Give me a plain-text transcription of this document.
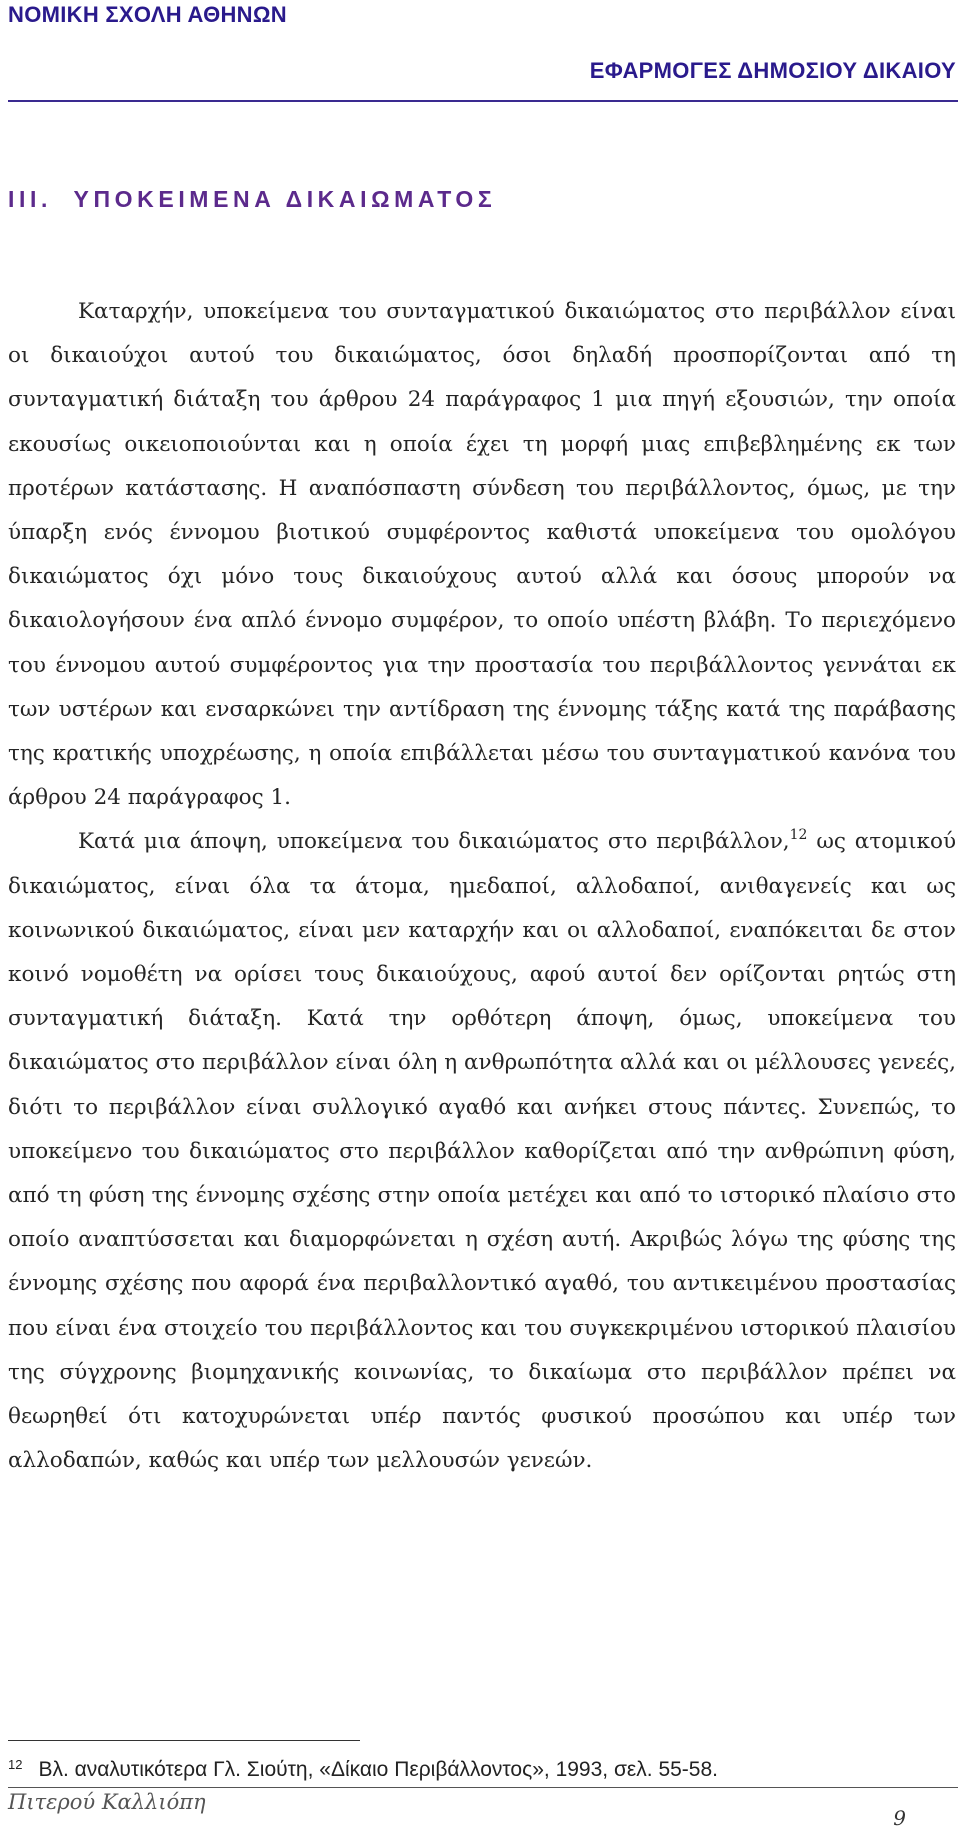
ΝΟΜΙΚΗ ΣΧΟΛΗ ΑΘΗΝΩΝ
ΕΦΑΡΜΟΓΕΣ ΔΗΜΟΣΙΟΥ ΔΙΚΑΙΟΥ
ΙΙΙ.  ΥΠΟΚΕΙΜΕΝΑ ΔΙΚΑΙΩΜΑΤΟΣ

Καταρχήν, υποκείμενα του συνταγματικού δικαιώματος στο περιβάλλον είναι οι δικαιούχοι αυτού του δικαιώματος, όσοι δηλαδή προσπορίζονται από τη συνταγματική διάταξη του άρθρου 24 παράγραφος 1 μια πηγή εξουσιών, την οποία εκουσίως οικειοποιούνται και η οποία έχει τη μορφή μιας επιβεβλημένης εκ των προτέρων κατάστασης. Η αναπόσπαστη σύνδεση του περιβάλλοντος, όμως, με την ύπαρξη ενός έννομου βιοτικού συμφέροντος καθιστά υποκείμενα του ομολόγου δικαιώματος όχι μόνο τους δικαιούχους αυτού αλλά και όσους μπορούν να δικαιολογήσουν ένα απλό έννομο συμφέρον, το οποίο υπέστη βλάβη. Το περιεχόμενο του έννομου αυτού συμφέροντος για την προστασία του περιβάλλοντος γεννάται εκ των υστέρων και ενσαρκώνει την αντίδραση της έννομης τάξης κατά της παράβασης της κρατικής υποχρέωσης, η οποία επιβάλλεται μέσω του συνταγματικού κανόνα του άρθρου 24 παράγραφος 1.

Κατά μια άποψη, υποκείμενα του δικαιώματος στο περιβάλλον,$^{12}$ ως ατομικού δικαιώματος, είναι όλα τα άτομα, ημεδαποί, αλλοδαποί, ανιθαγενείς και ως κοινωνικού δικαιώματος, είναι μεν καταρχήν και οι αλλοδαποί, εναπόκειται δε στον κοινό νομοθέτη να ορίσει τους δικαιούχους, αφού αυτοί δεν ορίζονται ρητώς στη συνταγματική διάταξη. Κατά την ορθότερη άποψη, όμως, υποκείμενα του δικαιώματος στο περιβάλλον είναι όλη η ανθρωπότητα αλλά και οι μέλλουσες γενεές, διότι το περιβάλλον είναι συλλογικό αγαθό και ανήκει στους πάντες. Συνεπώς, το υποκείμενο του δικαιώματος στο περιβάλλον καθορίζεται από την ανθρώπινη φύση, από τη φύση της έννομης σχέσης στην οποία μετέχει και από το ιστορικό πλαίσιο στο οποίο αναπτύσσεται και διαμορφώνεται η σχέση αυτή. Ακριβώς λόγω της φύσης της έννομης σχέσης που αφορά ένα περιβαλλοντικό αγαθό, του αντικειμένου προστασίας που είναι ένα στοιχείο του περιβάλλοντος και του συγκεκριμένου ιστορικού πλαισίου της σύγχρονης βιομηχανικής κοινωνίας, το δικαίωμα στο περιβάλλον πρέπει να θεωρηθεί ότι κατοχυρώνεται υπέρ παντός φυσικού προσώπου και υπέρ των αλλοδαπών, καθώς και υπέρ των μελλουσών γενεών.

$^{12}$ Βλ. αναλυτικότερα Γλ. Σιούτη, «Δίκαιο Περιβάλλοντος», 1993, σελ. 55-58.
Πιτερού Καλλιόπη
9
